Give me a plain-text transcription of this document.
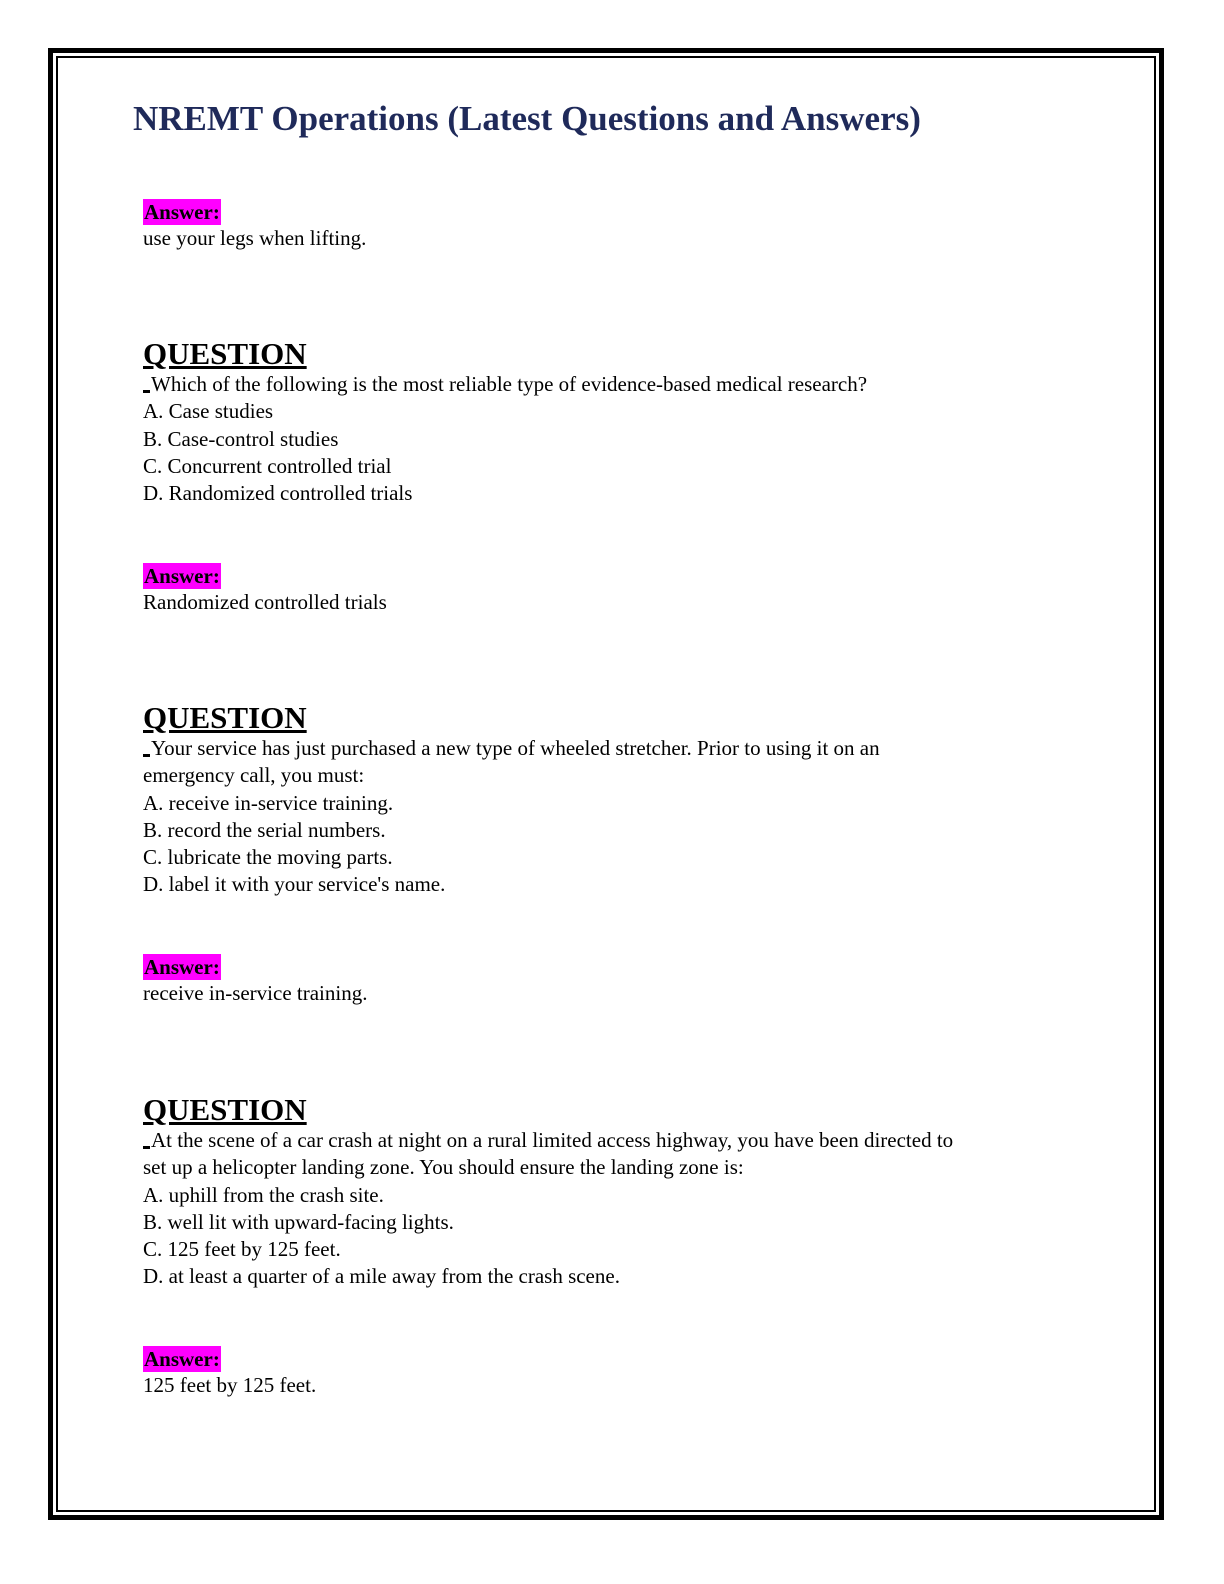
NREMT Operations (Latest Questions and Answers)
Answer:
use your legs when lifting.
QUESTION

Which of the following is the most reliable type of evidence-based medical research?

A. Case studies

B. Case-control studies

C. Concurrent controlled trial

D. Randomized controlled trials

Answer:
Randomized controlled trials
QUESTION

Your service has just purchased a new type of wheeled stretcher. Prior to using it on an

emergency call, you must:

A. receive in-service training.

B. record the serial numbers.

C. lubricate the moving parts.

D. label it with your service's name.

Answer:
receive in-service training.
QUESTION

At the scene of a car crash at night on a rural limited access highway, you have been directed to

set up a helicopter landing zone. You should ensure the landing zone is:

A. uphill from the crash site.

B. well lit with upward-facing lights.

C. 125 feet by 125 feet.

D. at least a quarter of a mile away from the crash scene.

Answer:
125 feet by 125 feet.
